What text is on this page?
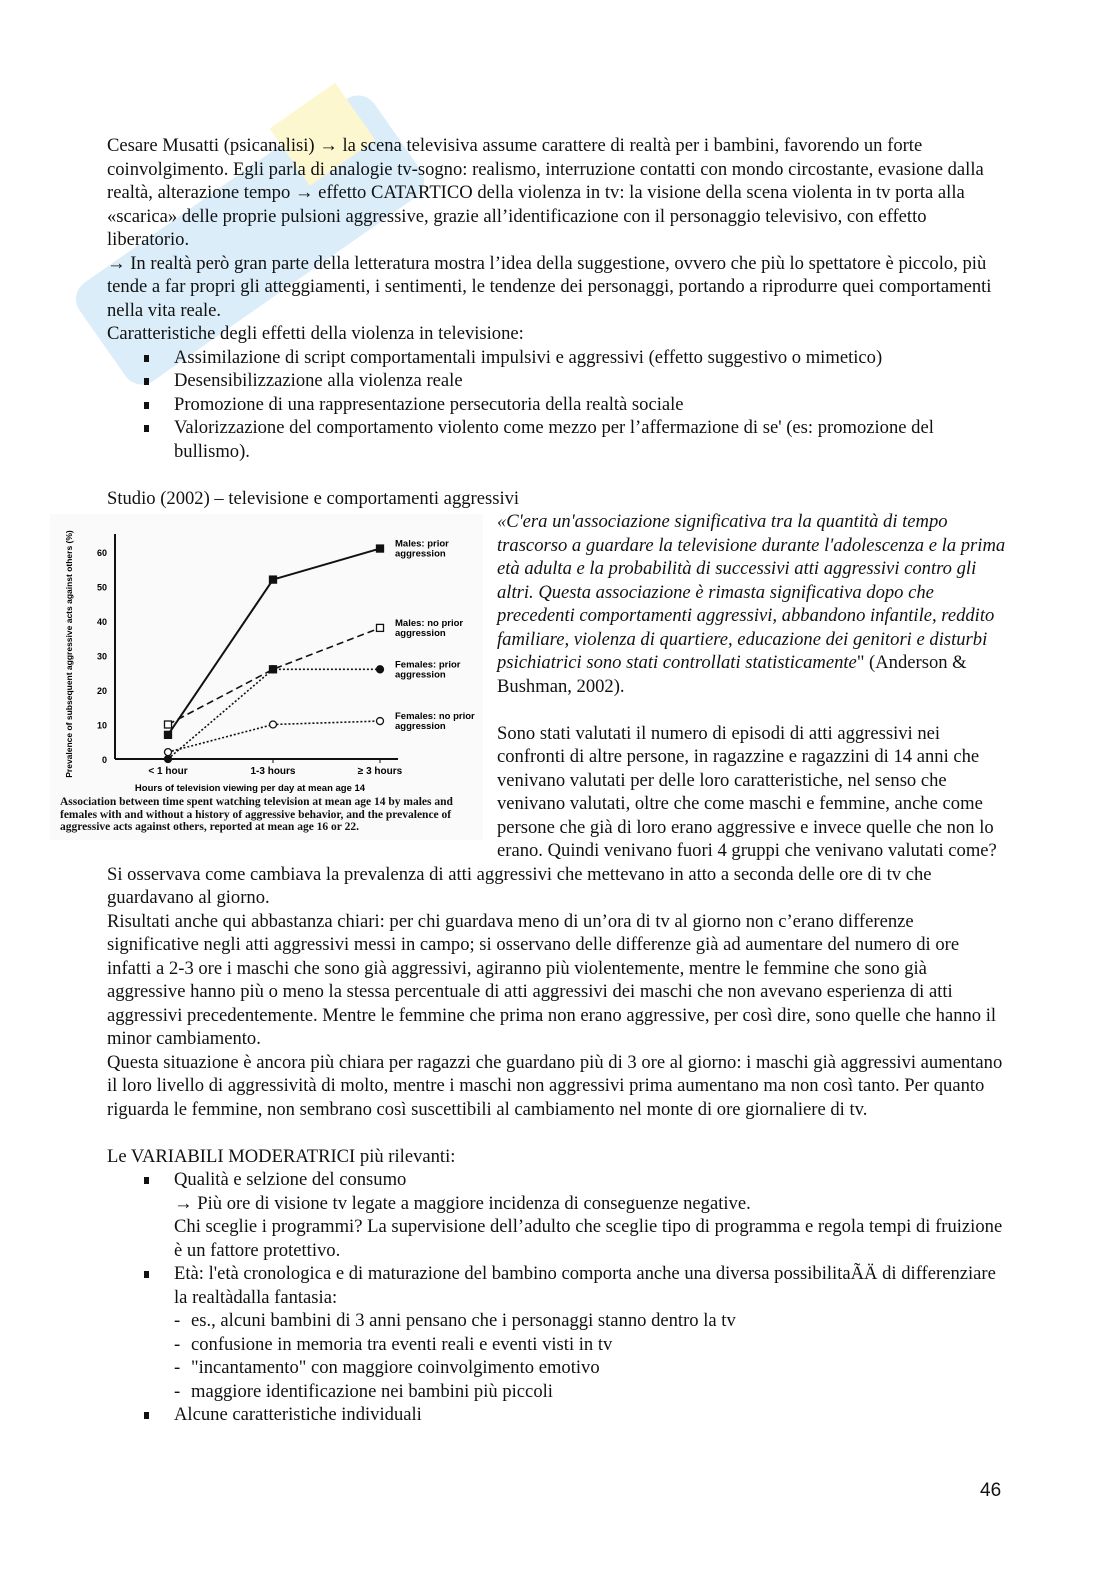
Cesare Musatti (psicanalisi) → la scena televisiva assume carattere di realtà per i bambini, favorendo un forte coinvolgimento. Egli parla di analogie tv-sogno: realismo, interruzione contatti con mondo circostante, evasione dalla realtà, alterazione tempo → effetto CATARTICO della violenza in tv: la visione della scena violenta in tv porta alla «scarica» delle proprie pulsioni aggressive, grazie all’identificazione con il personaggio televisivo, con effetto liberatorio.

→ In realtà però gran parte della letteratura mostra l’idea della suggestione, ovvero che più lo spettatore è piccolo, più tende a far propri gli atteggiamenti, i sentimenti, le tendenze dei personaggi, portando a riprodurre quei comportamenti nella vita reale.

Caratteristiche degli effetti della violenza in televisione:

Assimilazione di script comportamentali impulsivi e aggressivi (effetto suggestivo o mimetico)
Desensibilizzazione alla violenza reale
Promozione di una rappresentazione persecutoria della realtà sociale
Valorizzazione del comportamento violento come mezzo per l’affermazione di se' (es: promozione del bullismo).

Studio (2002) – televisione e comportamenti aggressivi

0
10
20
30
40
50
60
< 1 hour	1-3 hours	≥ 3 hours
Hours of television viewing per day at mean age 14
Prevalence of subsequent aggressive acts against others (%)	Males: prior
aggression
Males: no prior
aggression
Females: prior
aggression
Females: no prior
aggression
Association between time spent watching television at mean age 14 by males and females with and without a history of aggressive behavior, and the prevalence of aggressive acts against others, reported at mean age 16 or 22.

«C'era un'associazione significativa tra la quantità di tempo trascorso a guardare la televisione durante l'adolescenza e la prima età adulta e la probabilità di successivi atti aggressivi contro gli altri. Questa associazione è rimasta significativa dopo che precedenti comportamenti aggressivi, abbandono infantile, reddito familiare, violenza di quartiere, educazione dei genitori e disturbi psichiatrici sono stati controllati statisticamente" (Anderson & Bushman, 2002).

Sono stati valutati il numero di episodi di atti aggressivi nei confronti di altre persone, in ragazzine e ragazzini di 14 anni che venivano valutati per delle loro caratteristiche, nel senso che venivano valutati, oltre che come maschi e femmine, anche come persone che già di loro erano aggressive e invece quelle che non lo erano. Quindi venivano fuori 4 gruppi che venivano valutati come? Si osservava come cambiava la prevalenza di atti aggressivi che mettevano in atto a seconda delle ore di tv che guardavano al giorno.

Risultati anche qui abbastanza chiari: per chi guardava meno di un’ora di tv al giorno non c’erano differenze significative negli atti aggressivi messi in campo; si osservano delle differenze già ad aumentare del numero di ore infatti a 2-3 ore i maschi che sono già aggressivi, agiranno più violentemente, mentre le femmine che sono già aggressive hanno più o meno la stessa percentuale di atti aggressivi dei maschi che non avevano esperienza di atti aggressivi precedentemente. Mentre le femmine che prima non erano aggressive, per così dire, sono quelle che hanno il minor cambiamento.

Questa situazione è ancora più chiara per ragazzi che guardano più di 3 ore al giorno: i maschi già aggressivi aumentano il loro livello di aggressività di molto, mentre i maschi non aggressivi prima aumentano ma non così tanto. Per quanto riguarda le femmine, non sembrano così suscettibili al cambiamento nel monte di ore giornaliere di tv.

Le VARIABILI MODERATRICI più rilevanti:

Qualità e selzione del consumo
→ Più ore di visione tv legate a maggiore incidenza di conseguenze negative.
Chi sceglie i programmi? La supervisione dell’adulto che sceglie tipo di programma e regola tempi di fruizione è un fattore protettivo.
Età: l'età cronologica e di maturazione del bambino comporta anche una diversa possibilitaÃÄ di differenziare la realtàdalla fantasia:
- es., alcuni bambini di 3 anni pensano che i personaggi stanno dentro la tv
- confusione in memoria tra eventi reali e eventi visti in tv
- "incantamento" con maggiore coinvolgimento emotivo
- maggiore identificazione nei bambini più piccoli
Alcune caratteristiche individuali
46
